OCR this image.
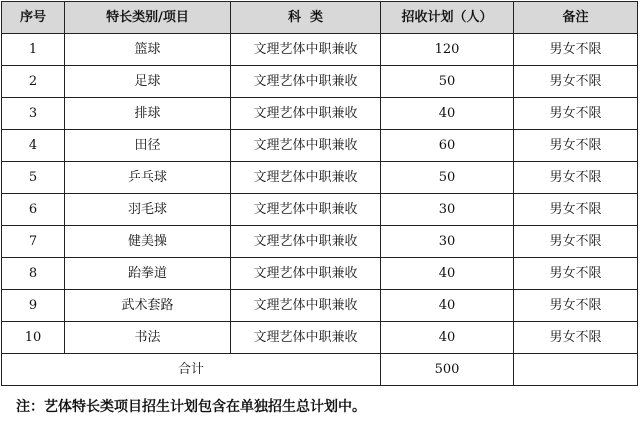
序号	特长类别/项目	科  类	招收计划（人）	备注
1	篮球	文理艺体中职兼收	120	男女不限
2	足球	文理艺体中职兼收	50	男女不限
3	排球	文理艺体中职兼收	40	男女不限
4	田径	文理艺体中职兼收	60	男女不限
5	乒乓球	文理艺体中职兼收	50	男女不限
6	羽毛球	文理艺体中职兼收	30	男女不限
7	健美操	文理艺体中职兼收	30	男女不限
8	跆拳道	文理艺体中职兼收	40	男女不限
9	武术套路	文理艺体中职兼收	40	男女不限
10	书法	文理艺体中职兼收	40	男女不限
合计			500	
注：艺体特长类项目招生计划包含在单独招生总计划中。
